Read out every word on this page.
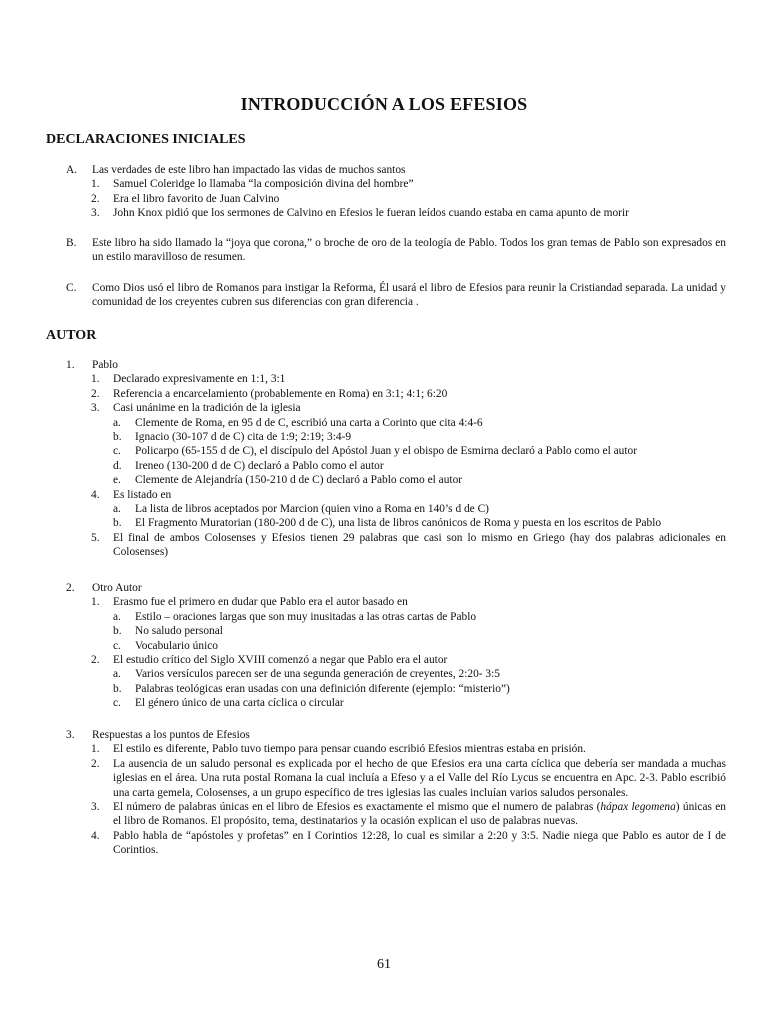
INTRODUCCIÓN A LOS EFESIOS
DECLARACIONES INICIALES
A.	Las verdades de este libro han impactado las vidas de muchos santos
1.	Samuel Coleridge lo llamaba “la composición divina del hombre”
2.	Era el libro favorito de Juan Calvino
3.	John Knox pidió que los sermones de Calvino en Efesios le fueran leídos cuando estaba en cama apunto de morir
B.	Este libro ha sido llamado la “joya que corona,” o broche de oro de la teología de Pablo. Todos los gran temas de Pablo son expresados en un estilo maravilloso de resumen.
C.	Como Dios usó el libro de Romanos para instigar la Reforma, Él usará el libro de Efesios para reunir la Cristiandad separada. La unidad y comunidad de los creyentes cubren sus diferencias con gran diferencia .
AUTOR
1.	Pablo
1.	Declarado expresivamente en 1:1, 3:1
2.	Referencia a encarcelamiento (probablemente en Roma) en 3:1; 4:1; 6:20
3.	Casi unánime en la tradición de la iglesia
a.	Clemente de Roma, en 95 d de C, escribió una carta a Corinto que cita 4:4-6
b.	Ignacio (30-107 d de C) cita de 1:9; 2:19; 3:4-9
c.	Policarpo (65-155 d de C), el discípulo del Apóstol Juan y el obispo de Esmirna declaró a Pablo como el autor
d.	Ireneo (130-200 d de C) declaró a Pablo como el autor
e.	Clemente de Alejandría (150-210 d de C) declaró a Pablo como el autor
4.	Es listado en
a.	La lista de libros aceptados por Marcion (quien vino a Roma en 140’s d de C)
b.	El Fragmento Muratorian (180-200 d de C), una lista de libros canónicos de Roma y puesta en los escritos de Pablo
5.	El final de ambos Colosenses y Efesios tienen 29 palabras que casi son lo mismo en Griego (hay dos palabras adicionales en Colosenses)
2.	Otro Autor
1.	Erasmo fue el primero en dudar que Pablo era el autor basado en
a.	Estilo – oraciones largas que son muy inusitadas a las otras cartas de Pablo
b.	No saludo personal
c.	Vocabulario único
2.	El estudio crítico del Siglo XVIII comenzó a negar que Pablo era el autor
a.	Varios versículos parecen ser de una segunda generación de creyentes, 2:20- 3:5
b.	Palabras teológicas eran usadas con una definición diferente (ejemplo: “misterio”)
c.	El género único de una carta cíclica o circular
3.	Respuestas a los puntos de Efesios
1.	El estilo es diferente, Pablo tuvo tiempo para pensar cuando escribió Efesios mientras estaba en prisión.
2.	La ausencia de un saludo personal es explicada por el hecho de que Efesios era una carta cíclica que debería ser mandada a muchas iglesias en el área. Una ruta postal Romana la cual incluía a Efeso y a el Valle del Río Lycus se encuentra en Apc. 2-3. Pablo escribió una carta gemela, Colosenses, a un grupo específico de tres iglesias las cuales incluían varios saludos personales.
3.	El número de palabras únicas en el libro de Efesios es exactamente el mismo que el numero de palabras (hápax legomena) únicas en el libro de Romanos. El propósito, tema, destinatarios y la ocasión explican el uso de palabras nuevas.
4.	Pablo habla de “apóstoles y profetas” en I Corintios 12:28, lo cual es similar a 2:20 y 3:5. Nadie niega que Pablo es autor de I de Corintios.
61
